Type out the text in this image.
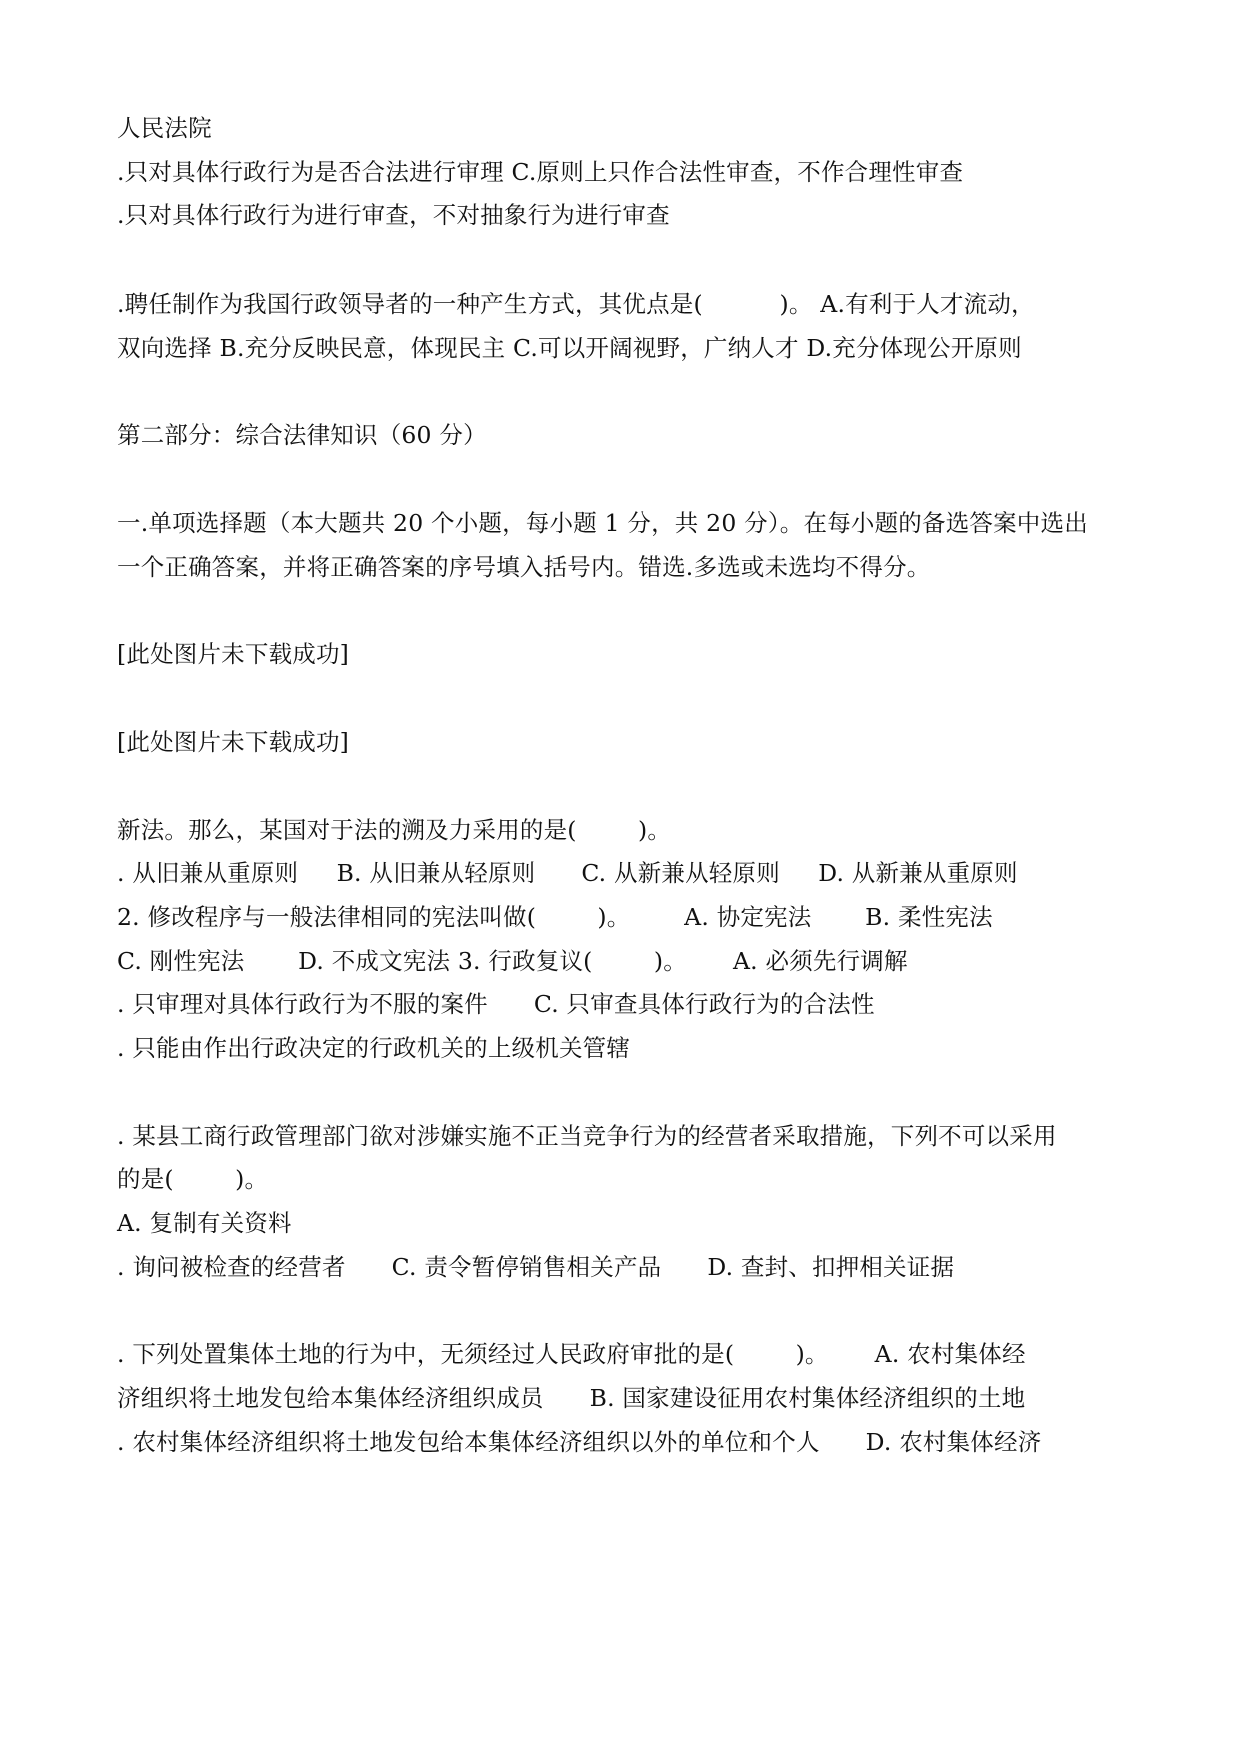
人民法院
.只对具体行政行为是否合法进行审理 C.原则上只作合法性审查，不作合理性审查
.只对具体行政行为进行审查，不对抽象行为进行审查
.聘任制作为我国行政领导者的一种产生方式，其优点是(          )。 A.有利于人才流动，
双向选择 B.充分反映民意，体现民主 C.可以开阔视野，广纳人才 D.充分体现公开原则
第二部分：综合法律知识（60 分）
一.单项选择题（本大题共 20 个小题，每小题 1 分，共 20 分）。在每小题的备选答案中选出
一个正确答案，并将正确答案的序号填入括号内。错选.多选或未选均不得分。
[此处图片未下载成功]
[此处图片未下载成功]
新法。那么，某国对于法的溯及力采用的是(        )。
. 从旧兼从重原则     B. 从旧兼从轻原则      C. 从新兼从轻原则     D. 从新兼从重原则
2. 修改程序与一般法律相同的宪法叫做(        )。       A. 协定宪法       B. 柔性宪法
C. 刚性宪法       D. 不成文宪法 3. 行政复议(        )。      A. 必须先行调解
. 只审理对具体行政行为不服的案件      C. 只审查具体行政行为的合法性
. 只能由作出行政决定的行政机关的上级机关管辖
. 某县工商行政管理部门欲对涉嫌实施不正当竞争行为的经营者采取措施，下列不可以采用
的是(        )。
A. 复制有关资料
. 询问被检查的经营者      C. 责令暂停销售相关产品      D. 查封、扣押相关证据
. 下列处置集体土地的行为中，无须经过人民政府审批的是(        )。      A. 农村集体经
济组织将土地发包给本集体经济组织成员      B. 国家建设征用农村集体经济组织的土地
. 农村集体经济组织将土地发包给本集体经济组织以外的单位和个人      D. 农村集体经济
